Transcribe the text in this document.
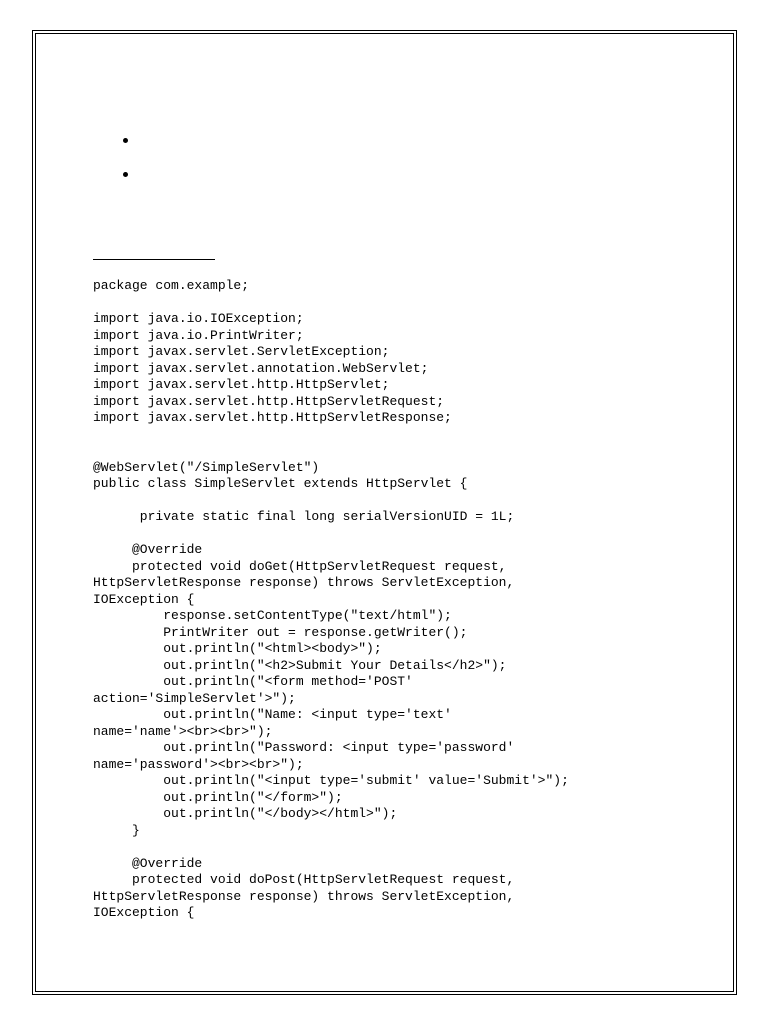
package com.example;

import java.io.IOException;
import java.io.PrintWriter;
import javax.servlet.ServletException;
import javax.servlet.annotation.WebServlet;
import javax.servlet.http.HttpServlet;
import javax.servlet.http.HttpServletRequest;
import javax.servlet.http.HttpServletResponse;

@WebServlet("/SimpleServlet")
public class SimpleServlet extends HttpServlet {

private static final long serialVersionUID = 1L;

@Override
protected void doGet(HttpServletRequest request,
HttpServletResponse response) throws ServletException,
IOException {
response.setContentType("text/html");
PrintWriter out = response.getWriter();
out.println("<html><body>");
out.println("<h2>Submit Your Details</h2>");
out.println("<form method='POST'
action='SimpleServlet'>");
out.println("Name: <input type='text'
name='name'><br><br>");
out.println("Password: <input type='password'
name='password'><br><br>");
out.println("<input type='submit' value='Submit'>");
out.println("</form>");
out.println("</body></html>");
}

@Override
protected void doPost(HttpServletRequest request,
HttpServletResponse response) throws ServletException,
IOException {
